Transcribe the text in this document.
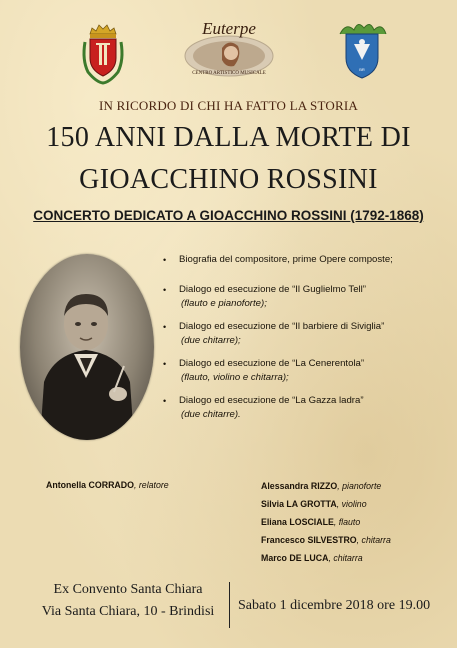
Euterpe
CENTRO ARTISTICO MUSICALE
BR
IN RICORDO DI CHI HA FATTO LA STORIA
150 ANNI DALLA MORTE DI
GIOACCHINO ROSSINI
CONCERTO DEDICATO A GIOACCHINO ROSSINI (1792-1868)
• Biografia del compositore, prime Opere composte;
• Dialogo ed esecuzione de “Il Guglielmo Tell”
(flauto e pianoforte);
• Dialogo ed esecuzione de “Il barbiere di Siviglia”
(due chitarre);
• Dialogo ed esecuzione de “La Cenerentola”
(flauto, violino e chitarra);
• Dialogo ed esecuzione de “La Gazza ladra”
(due chitarre).
Antonella CORRADO, relatore	Alessandra RIZZO, pianoforte
Silvia LA GROTTA, violino
Eliana LOSCIALE, flauto
Francesco SILVESTRO, chitarra
Marco DE LUCA, chitarra
Ex Convento Santa Chiara
Via Santa Chiara, 10 - Brindisi	Sabato 1 dicembre 2018 ore 19.00
